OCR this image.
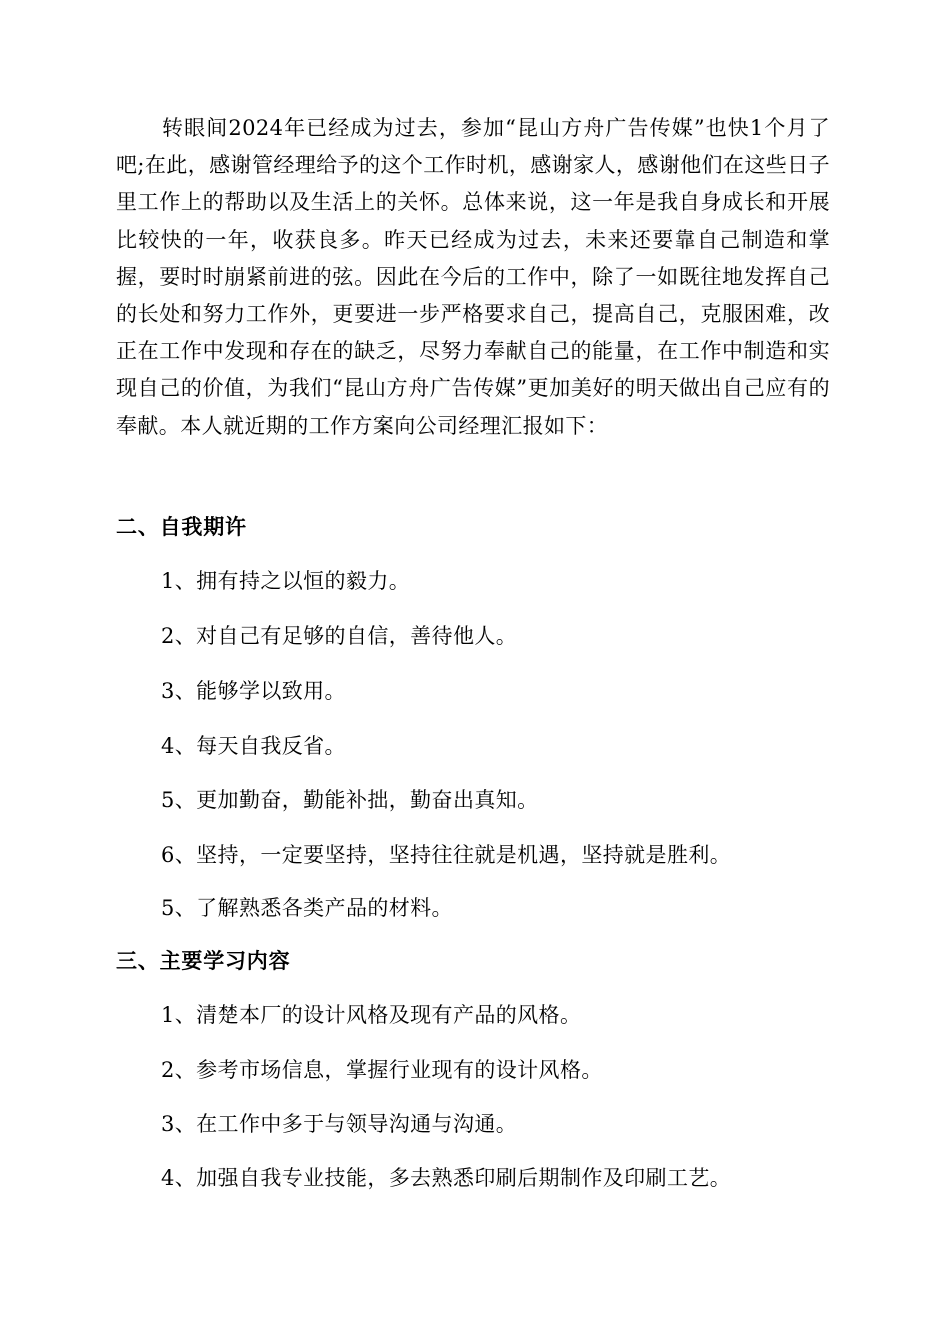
转眼间2024年已经成为过去，参加“昆山方舟广告传媒”也快1个月了吧;在此，感谢管经理给予的这个工作时机，感谢家人，感谢他们在这些日子里工作上的帮助以及生活上的关怀。总体来说，这一年是我自身成长和开展比较快的一年，收获良多。昨天已经成为过去，未来还要靠自己制造和掌握，要时时崩紧前进的弦。因此在今后的工作中，除了一如既往地发挥自己的长处和努力工作外，更要进一步严格要求自己，提高自己，克服困难，改正在工作中发现和存在的缺乏，尽努力奉献自己的能量，在工作中制造和实现自己的价值，为我们“昆山方舟广告传媒”更加美好的明天做出自己应有的奉献。本人就近期的工作方案向公司经理汇报如下：

二、自我期许

1、拥有持之以恒的毅力。

2、对自己有足够的自信，善待他人。

3、能够学以致用。

4、每天自我反省。

5、更加勤奋，勤能补拙，勤奋出真知。

6、坚持，一定要坚持，坚持往往就是机遇，坚持就是胜利。

5、了解熟悉各类产品的材料。

三、主要学习内容

1、清楚本厂的设计风格及现有产品的风格。

2、参考市场信息，掌握行业现有的设计风格。

3、在工作中多于与领导沟通与沟通。

4、加强自我专业技能，多去熟悉印刷后期制作及印刷工艺。
